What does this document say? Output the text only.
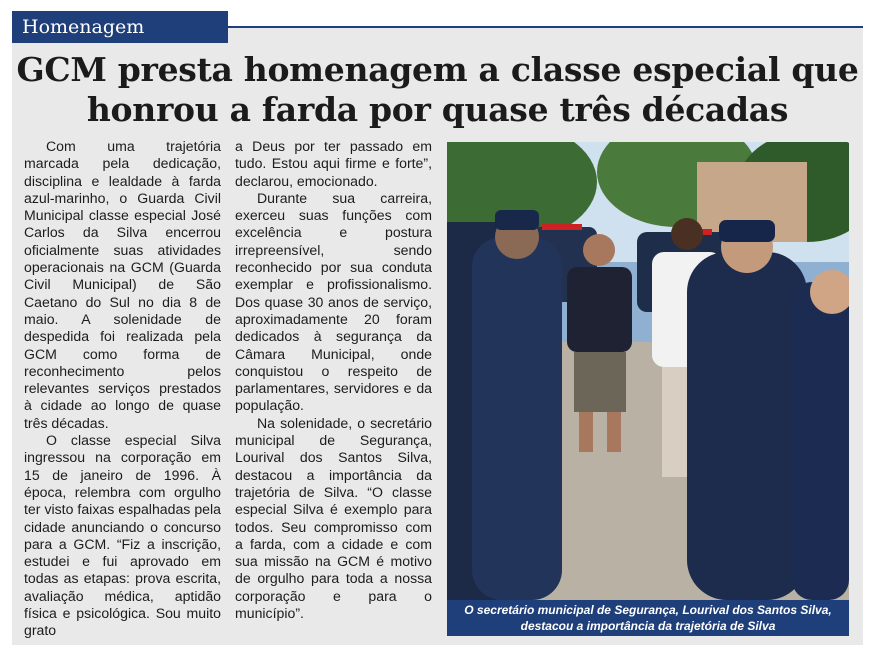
Homenagem
GCM presta homenagem a classe especial que
honrou a farda por quase três décadas

Com uma trajetória marcada pela dedicação, disciplina e lealdade à farda azul-marinho, o Guarda Civil Municipal classe especial José Carlos da Silva encerrou oficialmente suas atividades operacionais na GCM (Guarda Civil Municipal) de São Caetano do Sul no dia 8 de maio. A solenidade de despedida foi realizada pela GCM como forma de reconhecimento pelos relevantes serviços prestados à cidade ao longo de quase três décadas.

O classe especial Silva ingressou na corporação em 15 de janeiro de 1996. À época, relembra com orgulho ter visto faixas espalhadas pela cidade anunciando o concurso para a GCM. “Fiz a inscrição, estudei e fui aprovado em todas as etapas: prova escrita, avaliação médica, aptidão física e psicológica. Sou muito grato

a Deus por ter passado em tudo. Estou aqui firme e forte”, declarou, emocionado.

Durante sua carreira, exerceu suas funções com excelência e postura irrepreensível, sendo reconhecido por sua conduta exemplar e profissionalismo. Dos quase 30 anos de serviço, aproximadamente 20 foram dedicados à segurança da Câmara Municipal, onde conquistou o respeito de parlamentares, servidores e da população.

Na solenidade, o secretário municipal de Segurança, Lourival dos Santos Silva, destacou a importância da trajetória de Silva. “O classe especial Silva é exemplo para todos. Seu compromisso com a farda, com a cidade e com sua missão na GCM é motivo de orgulho para toda a nossa corporação e para o município”.	O secretário municipal de Segurança, Lourival dos Santos Silva,
destacou a importância da trajetória de Silva
